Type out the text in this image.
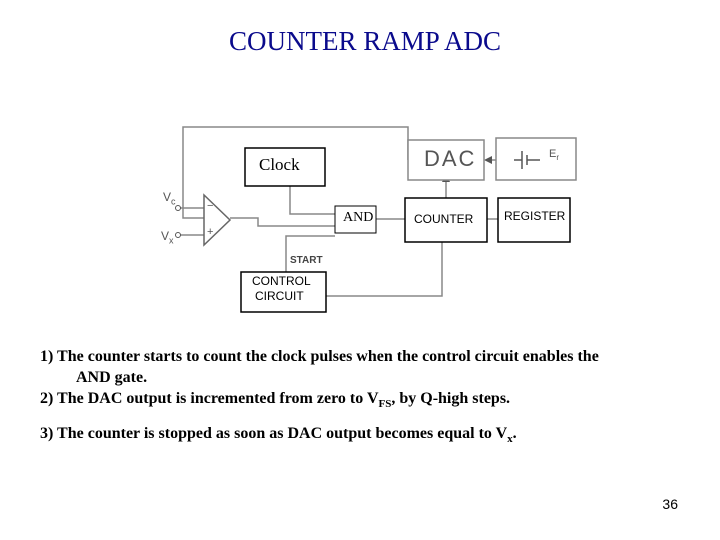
COUNTER RAMP ADC
Clock	DAC
AND	COUNTER	REGISTER
CONTROL
CIRCUIT
START
$V_c$
$V_x$
$E_r$
−
+

1) The counter starts to count the clock pulses when the control circuit enables the

AND gate.

2) The DAC output is incremented from zero to $V_{FS}$, by Q-high steps.

3) The counter is stopped as soon as DAC output becomes equal to $V_x$.

36
